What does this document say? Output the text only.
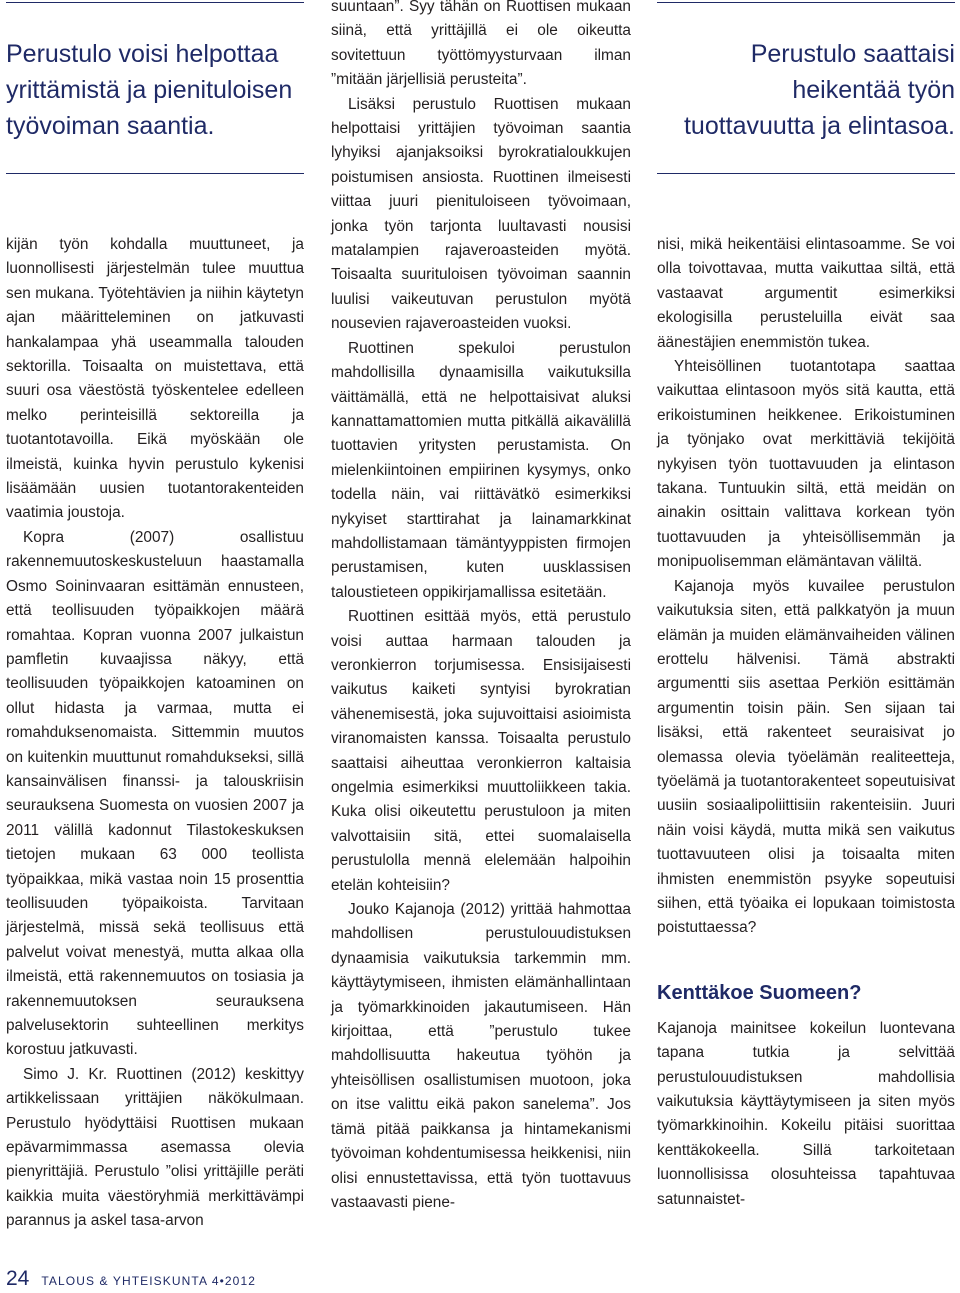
Perustulo voisi helpottaa yrittämistä ja pienituloisen työvoiman saantia.

kijän työn kohdalla muuttuneet, ja luonnollisesti järjestelmän tulee muuttua sen mukana. Työtehtävien ja niihin käytetyn ajan määritteleminen on jatkuvasti hankalampaa yhä useammalla talouden sektorilla. Toisaalta on muistettava, että suuri osa väestöstä työskentelee edelleen melko perinteisillä sektoreilla ja tuotantotavoilla. Eikä myöskään ole ilmeistä, kuinka hyvin perustulo kykenisi lisäämään uusien tuotantorakenteiden vaatimia joustoja.

Kopra (2007) osallistuu rakennemuutoskeskusteluun haastamalla Osmo Soininvaaran esittämän ennusteen, että teollisuuden työpaikkojen määrä romahtaa. Kopran vuonna 2007 julkaistun pamfletin kuvaajissa näkyy, että teollisuuden työpaikkojen katoaminen on ollut hidasta ja varmaa, mutta ei romahduksenomaista. Sittemmin muutos on kuitenkin muuttunut romahdukseksi, sillä kansainvälisen finanssi- ja talouskriisin seurauksena Suomesta on vuosien 2007 ja 2011 välillä kadonnut Tilastokeskuksen tietojen mukaan 63 000 teollista työpaikkaa, mikä vastaa noin 15 prosenttia teollisuuden työpaikoista. Tarvitaan järjestelmä, missä sekä teollisuus että palvelut voivat menestyä, mutta alkaa olla ilmeistä, että rakennemuutos on tosiasia ja rakennemuutoksen seurauksena palvelusektorin suhteellinen merkitys korostuu jatkuvasti.

Simo J. Kr. Ruottinen (2012) keskittyy artikkelissaan yrittäjien näkökulmaan. Perustulo hyödyttäisi Ruottisen mukaan epävarmimmassa asemassa olevia pienyrittäjiä. Perustulo ”olisi yrittäjille peräti kaikkia muita väestöryhmiä merkittävämpi parannus ja askel tasa-arvon

suuntaan”. Syy tähän on Ruottisen mukaan siinä, että yrittäjillä ei ole oikeutta sovitettuun työttömyysturvaan ilman ”mitään järjellisiä perusteita”.

Lisäksi perustulo Ruottisen mukaan helpottaisi yrittäjien työvoiman saantia lyhyiksi ajanjaksoiksi byrokratialoukkujen poistumisen ansiosta. Ruottinen ilmeisesti viittaa juuri pienituloiseen työvoimaan, jonka työn tarjonta luultavasti nousisi matalampien rajaveroasteiden myötä. Toisaalta suurituloisen työvoiman saannin luulisi vaikeutuvan perustulon myötä nousevien rajaveroasteiden vuoksi.

Ruottinen spekuloi perustulon mahdollisilla dynaamisilla vaikutuksilla väittämällä, että ne helpottaisivat aluksi kannattamattomien mutta pitkällä aikavälillä tuottavien yritysten perustamista. On mielenkiintoinen empiirinen kysymys, onko todella näin, vai riittävätkö esimerkiksi nykyiset starttirahat ja lainamarkkinat mahdollistamaan tämäntyyppisten firmojen perustamisen, kuten uusklassisen taloustieteen oppikirjamallissa esitetään.

Ruottinen esittää myös, että perustulo voisi auttaa harmaan talouden ja veronkierron torjumisessa. Ensisijaisesti vaikutus kaiketi syntyisi byrokratian vähenemisestä, joka sujuvoittaisi asioimista viranomaisten kanssa. Toisaalta perustulo saattaisi aiheuttaa veronkierron kaltaisia ongelmia esimerkiksi muuttoliikkeen takia. Kuka olisi oikeutettu perustuloon ja miten valvottaisiin sitä, ettei suomalaisella perustulolla mennä elelemään halpoihin etelän kohteisiin?

Jouko Kajanoja (2012) yrittää hahmottaa mahdollisen perustulouudistuksen dynaamisia vaikutuksia tarkemmin mm. käyttäytymiseen, ihmisten elämänhallintaan ja työmarkkinoiden jakautumiseen. Hän kirjoittaa, että ”perustulo tukee mahdollisuutta hakeutua työhön ja yhteisöllisen osallistumisen muotoon, joka on itse valittu eikä pakon sanelema”. Jos tämä pitää paikkansa ja hintamekanismi työvoiman kohdentumisessa heikkenisi, niin olisi ennustettavissa, että työn tuottavuus vastaavasti piene-

Perustulo saattaisi heikentää työn tuottavuutta ja elintasoa.

nisi, mikä heikentäisi elintasoamme. Se voi olla toivottavaa, mutta vaikuttaa siltä, että vastaavat argumentit esimerkiksi ekologisilla perusteluilla eivät saa äänestäjien enemmistön tukea.

Yhteisöllinen tuotantotapa saattaa vaikuttaa elintasoon myös sitä kautta, että erikoistuminen heikkenee. Erikoistuminen ja työnjako ovat merkittäviä tekijöitä nykyisen työn tuottavuuden ja elintason takana. Tuntuukin siltä, että meidän on ainakin osittain valittava korkean työn tuottavuuden ja yhteisöllisemmän ja monipuolisemman elämäntavan väliltä.

Kajanoja myös kuvailee perustulon vaikutuksia siten, että palkkatyön ja muun elämän ja muiden elämänvaiheiden välinen erottelu hälvenisi. Tämä abstrakti argumentti siis asettaa Perkiön esittämän argumentin toisin päin. Sen sijaan tai lisäksi, että rakenteet seuraisivat jo olemassa olevia työelämän realiteetteja, työelämä ja tuotantorakenteet sopeutuisivat uusiin sosiaalipoliittisiin rakenteisiin. Juuri näin voisi käydä, mutta mikä sen vaikutus tuottavuuteen olisi ja toisaalta miten ihmisten enemmistön psyyke sopeutuisi siihen, että työaika ei lopukaan toimistosta poistuttaessa?

Kenttäkoe Suomeen?

Kajanoja mainitsee kokeilun luontevana tapana tutkia ja selvittää perustulouudistuksen mahdollisia vaikutuksia käyttäytymiseen ja siten myös työmarkkinoihin. Kokeilu pitäisi suorittaa kenttäkokeella. Sillä tarkoitetaan luonnollisissa olosuhteissa tapahtuvaa satunnaistet-

24 TALOUS & YHTEISKUNTA 4•2012
